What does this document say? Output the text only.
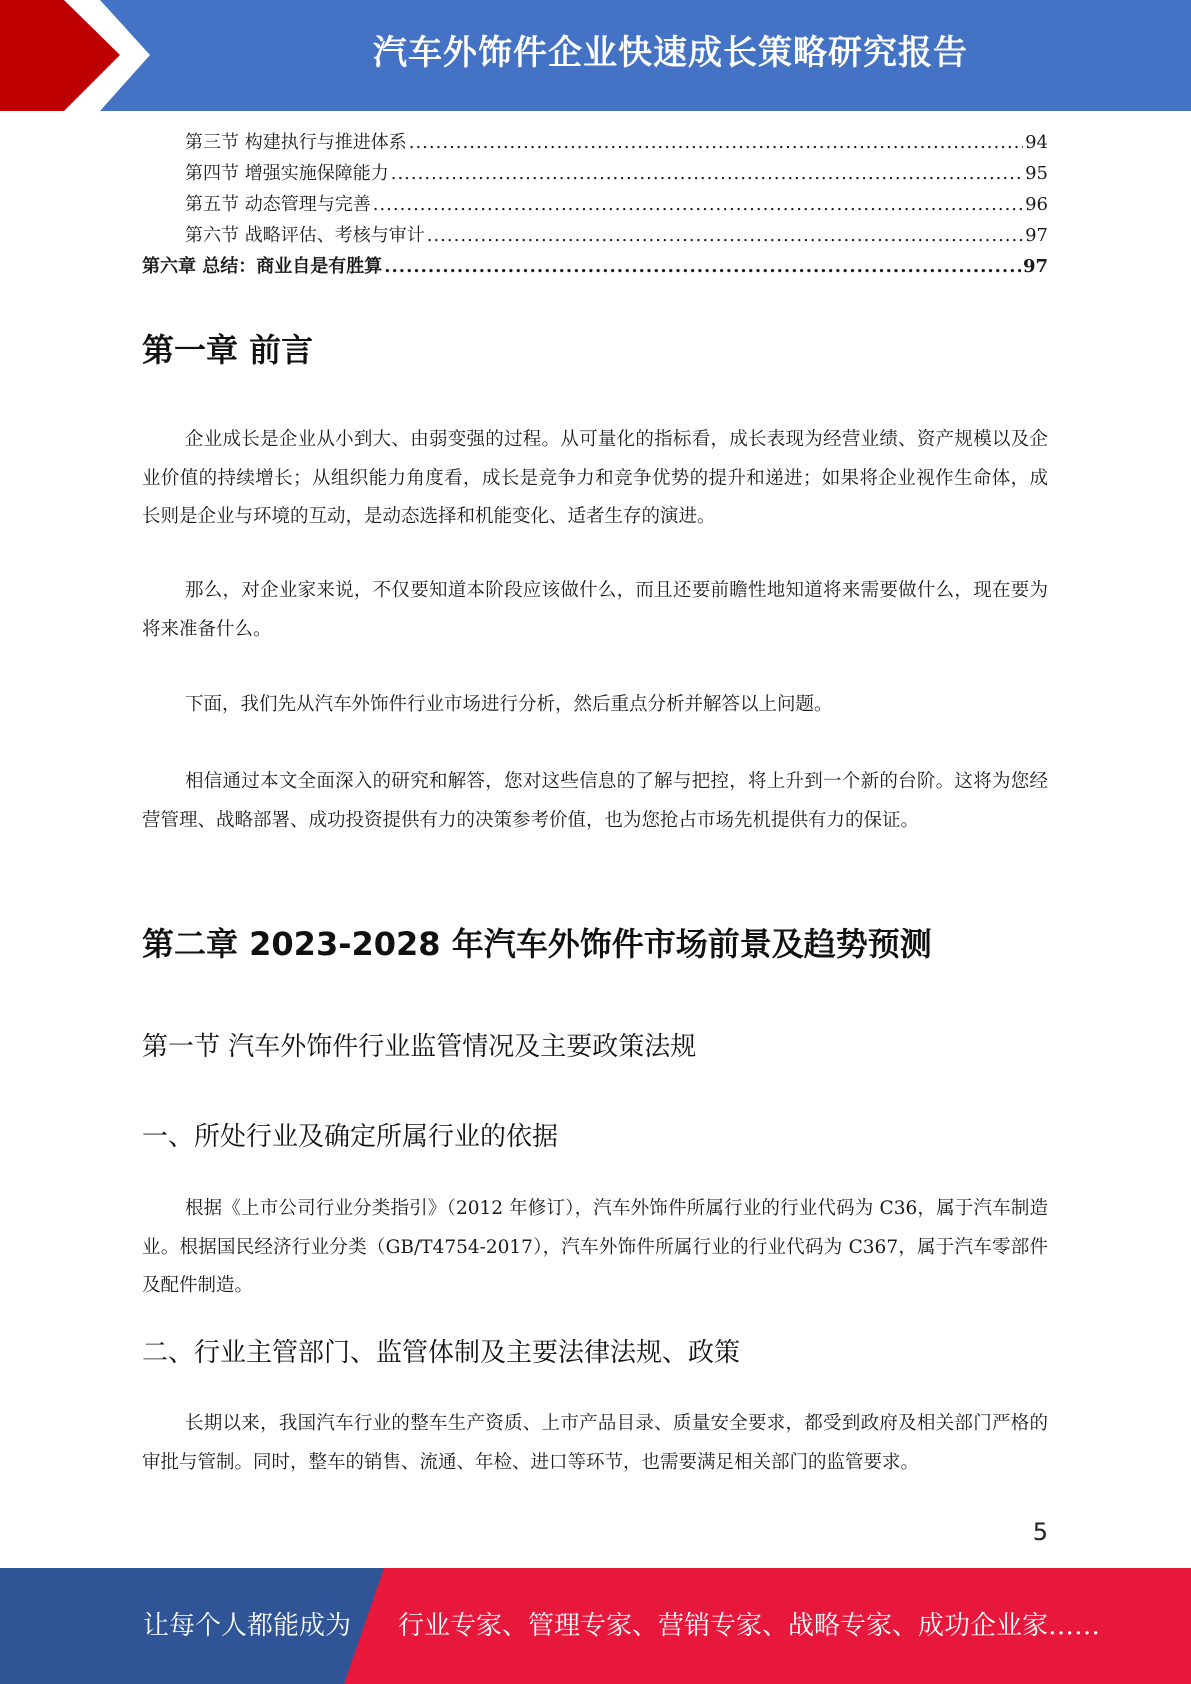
汽车外饰件企业快速成长策略研究报告
第三节 构建执行与推进体系 .....	94
第四节 增强实施保障能力 .....	95
第五节 动态管理与完善 .....	96
第六节 战略评估、考核与审计 .....	97
第六章 总结：商业自是有胜算 .....	97
第一章 前言
企业成长是企业从小到大、由弱变强的过程。从可量化的指标看，成长表现为经营业绩、资产规模以及企业价值的持续增长；从组织能力角度看，成长是竞争力和竞争优势的提升和递进；如果将企业视作生命体，成长则是企业与环境的互动，是动态选择和机能变化、适者生存的演进。
那么，对企业家来说，不仅要知道本阶段应该做什么，而且还要前瞻性地知道将来需要做什么，现在要为将来准备什么。
下面，我们先从汽车外饰件行业市场进行分析，然后重点分析并解答以上问题。
相信通过本文全面深入的研究和解答，您对这些信息的了解与把控，将上升到一个新的台阶。这将为您经营管理、战略部署、成功投资提供有力的决策参考价值，也为您抢占市场先机提供有力的保证。
第二章 2023-2028 年汽车外饰件市场前景及趋势预测
第一节 汽车外饰件行业监管情况及主要政策法规
一、所处行业及确定所属行业的依据
根据《上市公司行业分类指引》（2012 年修订），汽车外饰件所属行业的行业代码为 C36，属于汽车制造业。根据国民经济行业分类（GB/T4754-2017），汽车外饰件所属行业的行业代码为 C367，属于汽车零部件及配件制造。
二、行业主管部门、监管体制及主要法律法规、政策
长期以来，我国汽车行业的整车生产资质、上市产品目录、质量安全要求，都受到政府及相关部门严格的审批与管制。同时，整车的销售、流通、年检、进口等环节，也需要满足相关部门的监管要求。
5
让每个人都能成为 行业专家、管理专家、营销专家、战略专家、成功企业家……
